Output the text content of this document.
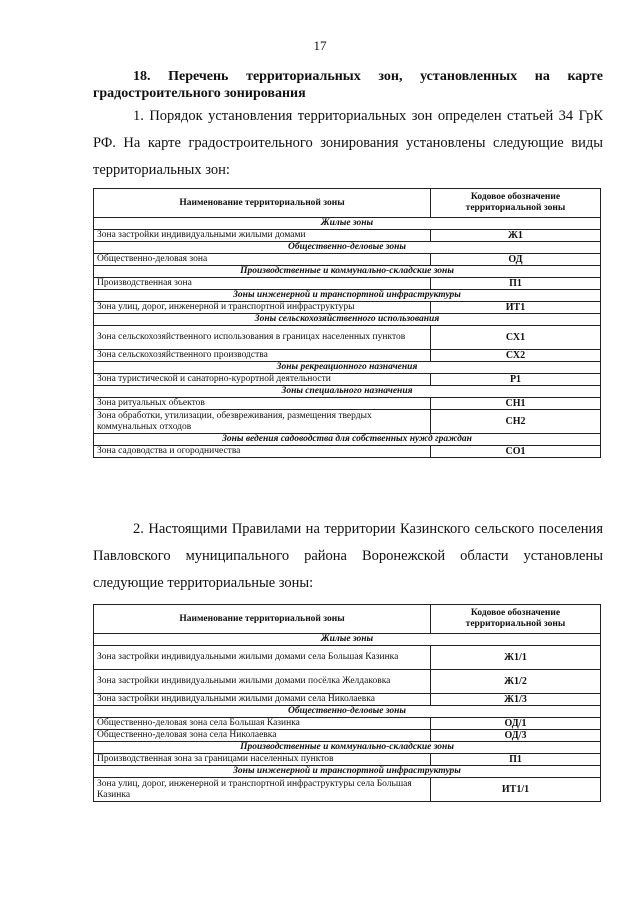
17
18. Перечень территориальных зон, установленных на карте градостроительного зонирования
1. Порядок установления территориальных зон определен статьей 34 ГрК РФ. На карте градостроительного зонирования установлены следующие виды территориальных зон:
Наименование территориальной зоны	Кодовое обозначение территориальной зоны
Жилые зоны	
Зона застройки индивидуальными жилыми домами	Ж1
Общественно-деловые зоны	
Общественно-деловая зона	ОД
Производственные и коммунально-складские зоны	
Производственная зона	П1
Зоны инженерной и транспортной инфраструктуры	
Зона улиц, дорог, инженерной и транспортной инфраструктуры	ИТ1
Зоны сельскохозяйственного использования	
Зона сельскохозяйственного использования в границах населенных пунктов	СХ1
Зона сельскохозяйственного производства	СХ2
Зоны рекреационного назначения	
Зона туристической и санаторно-курортной деятельности	Р1
Зоны специального назначения	
Зона ритуальных объектов	СН1
Зона обработки, утилизации, обезвреживания, размещения твердых коммунальных отходов	СН2
Зоны ведения садоводства для собственных нужд граждан	
Зона садоводства и огородничества	СО1
2. Настоящими Правилами на территории Казинского сельского поселения Павловского муниципального района Воронежской области установлены следующие территориальные зоны:
Наименование территориальной зоны	Кодовое обозначение территориальной зоны
Жилые зоны	
Зона застройки индивидуальными жилыми домами села Большая Казинка	Ж1/1
Зона застройки индивидуальными жилыми домами посёлка Желдаковка	Ж1/2
Зона застройки индивидуальными жилыми домами села Николаевка	Ж1/3
Общественно-деловые зоны	
Общественно-деловая зона села Большая Казинка	ОД/1
Общественно-деловая зона села Николаевка	ОД/3
Производственные и коммунально-складские зоны	
Производственная зона за границами населенных пунктов	П1
Зоны инженерной и транспортной инфраструктуры	
Зона улиц, дорог, инженерной и транспортной инфраструктуры села Большая Казинка	ИТ1/1
